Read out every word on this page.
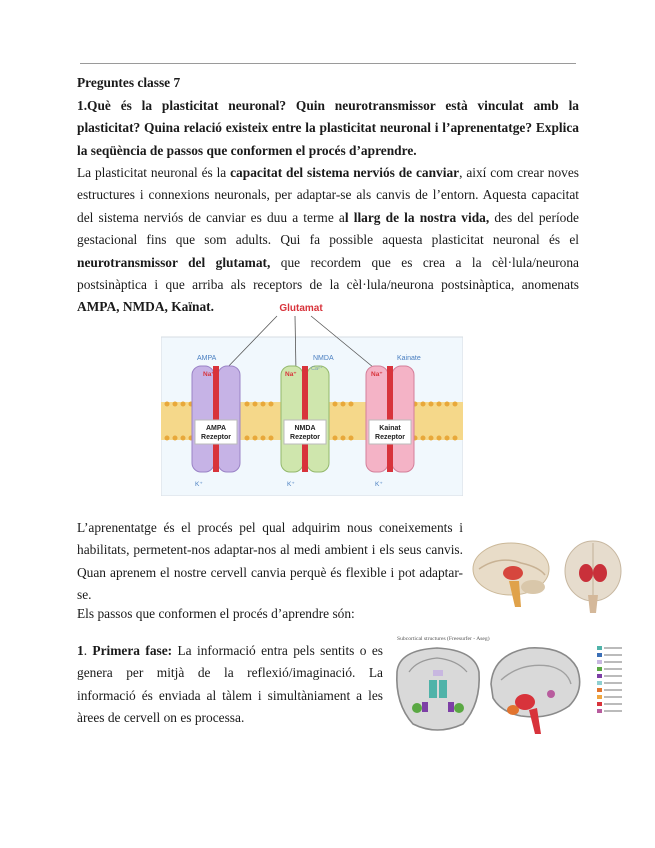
Preguntes classe 7
1.Què és la plasticitat neuronal? Quin neurotransmissor està vinculat amb la plasticitat? Quina relació existeix entre la plasticitat neuronal i l’aprenentatge? Explica la seqüència de passos que conformen el procés d’aprendre.
La plasticitat neuronal és la capacitat del sistema nerviós de canviar, així com crear noves estructures i connexions neuronals, per adaptar-se als canvis de l’entorn. Aquesta capacitat del sistema nerviós de canviar es duu a terme al llarg de la nostra vida, des del període gestacional fins que som adults. Qui fa possible aquesta plasticitat neuronal és el neurotransmissor del glutamat, que recordem que es crea a la cèl·lula/neurona postsinàptica i que arriba als receptors de la cèl·lula/neurona postsinàptica, anomenats AMPA, NMDA, Kaïnat.	Glutamat
AMPA
AMPA
Rezeptor
Na⁺
K⁺
NMDA
NMDA
Rezeptor
Na⁺
Ca²⁺
K⁺
Kainate
Kainat
Rezeptor
Na⁺
K⁺
L’aprenentatge és el procés pel qual adquirim nous coneixements i habilitats, permetent-nos adaptar-nos al medi ambient i els seus canvis. Quan aprenem el nostre cervell canvia perquè és flexible i pot adaptar-se.
Els passos que conformen el procés d’aprendre són:
1. Primera fase: La informació entra pels sentits o es genera per mitjà de la reflexió/imaginació. La informació és enviada al tàlem i simultàniament a les àrees de cervell on es processa.
Subcortical structures (Freesurfer - Aseg)
